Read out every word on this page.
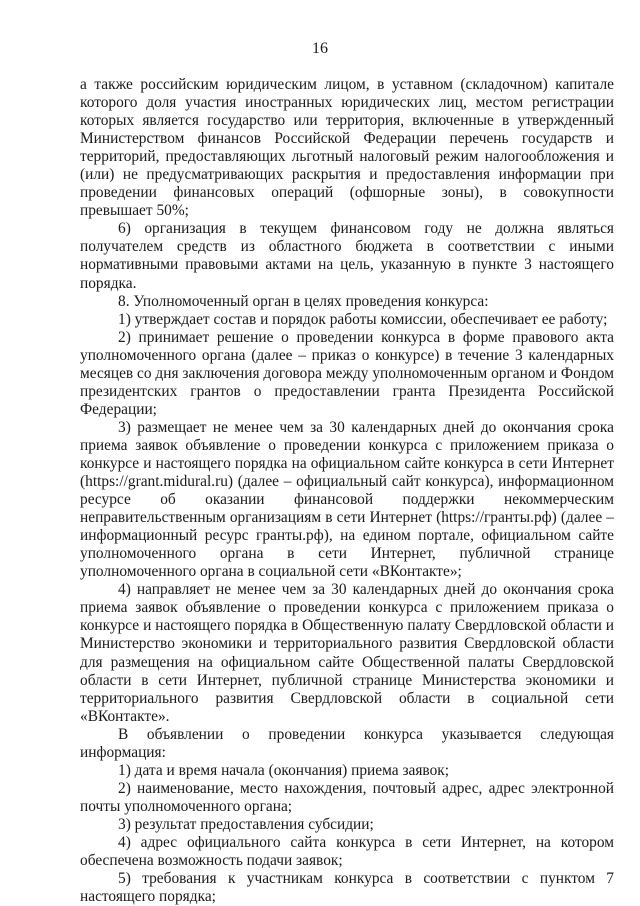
16

а также российским юридическим лицом, в уставном (складочном) капитале которого доля участия иностранных юридических лиц, местом регистрации которых является государство или территория, включенные в утвержденный Министерством финансов Российской Федерации перечень государств и территорий, предоставляющих льготный налоговый режим налогообложения и (или) не предусматривающих раскрытия и предоставления информации при проведении финансовых операций (офшорные зоны), в совокупности превышает 50%;

6) организация в текущем финансовом году не должна являться получателем средств из областного бюджета в соответствии с иными нормативными правовыми актами на цель, указанную в пункте 3 настоящего порядка.

8. Уполномоченный орган в целях проведения конкурса:

1) утверждает состав и порядок работы комиссии, обеспечивает ее работу;

2) принимает решение о проведении конкурса в форме правового акта уполномоченного органа (далее – приказ о конкурсе) в течение 3 календарных месяцев со дня заключения договора между уполномоченным органом и Фондом президентских грантов о предоставлении гранта Президента Российской Федерации;

3) размещает не менее чем за 30 календарных дней до окончания срока приема заявок объявление о проведении конкурса с приложением приказа о конкурсе и настоящего порядка на официальном сайте конкурса в сети Интернет (https://grant.midural.ru) (далее – официальный сайт конкурса), информационном ресурсе об оказании финансовой поддержки некоммерческим неправительственным организациям в сети Интернет (https://гранты.рф) (далее – информационный ресурс гранты.рф), на едином портале, официальном сайте уполномоченного органа в сети Интернет, публичной странице уполномоченного органа в социальной сети «ВКонтакте»;

4) направляет не менее чем за 30 календарных дней до окончания срока приема заявок объявление о проведении конкурса с приложением приказа о конкурсе и настоящего порядка в Общественную палату Свердловской области и Министерство экономики и территориального развития Свердловской области для размещения на официальном сайте Общественной палаты Свердловской области в сети Интернет, публичной странице Министерства экономики и территориального развития Свердловской области в социальной сети «ВКонтакте».

В объявлении о проведении конкурса указывается следующая информация:

1) дата и время начала (окончания) приема заявок;

2) наименование, место нахождения, почтовый адрес, адрес электронной почты уполномоченного органа;

3) результат предоставления субсидии;

4) адрес официального сайта конкурса в сети Интернет, на котором обеспечена возможность подачи заявок;

5) требования к участникам конкурса в соответствии с пунктом 7 настоящего порядка;
